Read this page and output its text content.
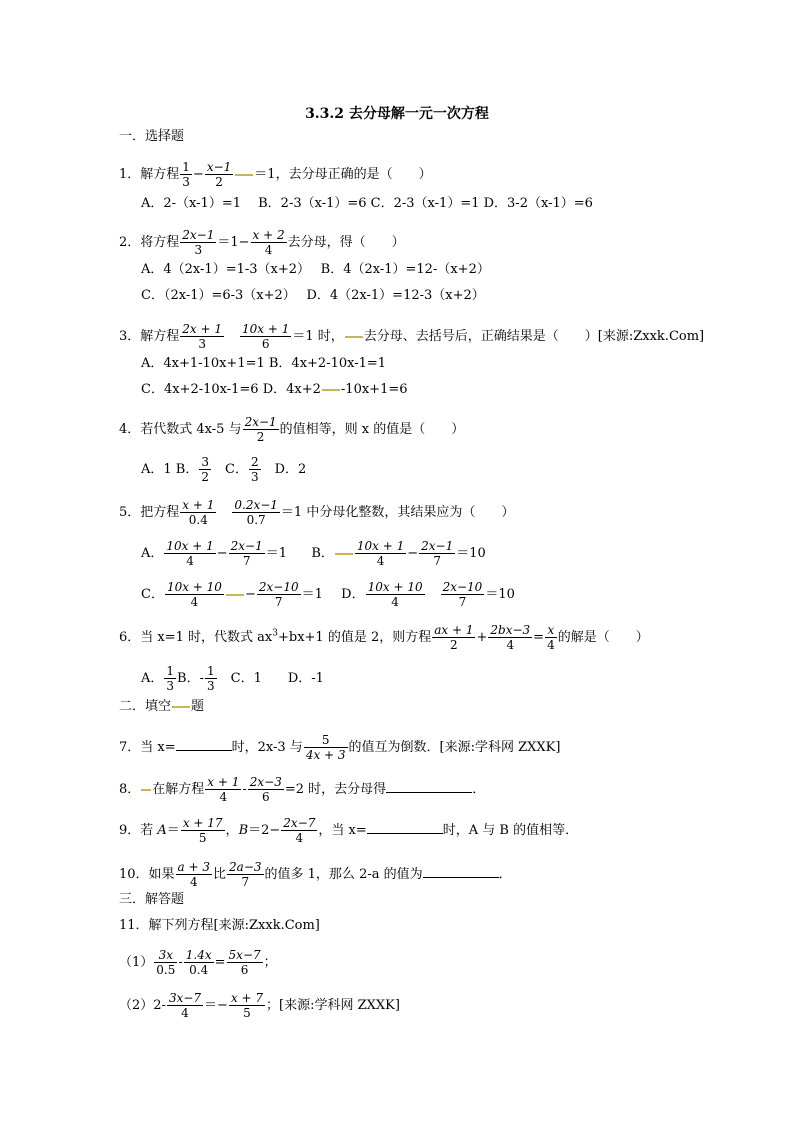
3.3.2 去分母解一元一次方程
一．选择题
1．解方程 $\frac{1}{3} - \frac{x-1}{2} =1$，去分母正确的是（　　）
A．2-（x-1）=1　 B．2-3（x-1）=6 C．2-3（x-1）=1 D．3-2（x-1）=6
2．将方程 $\frac{2x-1}{3} =1- \frac{x + 2}{4}$ 去分母，得（　　）
A．4（2x-1）=1-3（x+2）　 B．4（2x-1）=12-（x+2）
C．（2x-1）=6-3（x+2）　 D．4（2x-1）=12-3（x+2）
3．解方程 $\frac{2x + 1}{3} \frac{10x + 1}{6} =1$ 时， 去分母、去括号后，正确结果是（　　）[来源:Zxxk.Com]
A．4x+1-10x+1=1 B．4x+2-10x-1=1
C．4x+2-10x-1=6 D．4x+2 -10x+1=6
4．若代数式 4x-5 与 $\frac{2x-1}{2}$ 的值相等，则 x 的值是（　　）
A．1 B． $\frac{3}{2}$ 　C． $\frac{2}{3}$ 　D．2
5．把方程 $\frac{x + 1}{0.4} \frac{0.2x-1}{0.7} =1$ 中分母化整数，其结果应为（　　）
A． $\frac{10x + 1}{4} - \frac{2x-1}{7} =1$ B． $\frac{10x + 1}{4} - \frac{2x-1}{7} =10$
C． $\frac{10x + 10}{4} - \frac{2x-10}{7} =1$ D． $\frac{10x + 10}{4} \frac{2x-10}{7} =10$
6．当 x=1 时，代数式 $ax^3+bx+1$ 的值是 2，则方程 $\frac{ax + 1}{2} + \frac{2bx-3}{4} = \frac{x}{4}$ 的解是（　　）
A． $\frac{1}{3}$ B．- $\frac{1}{3}$ 　C．1　　D．-1
二．填空 题
7．当 x=	时，2x-3 与 $\frac{5}{4x + 3}$ 的值互为倒数．[来源:学科网 ZXXK]
8． 在解方程 $\frac{x + 1}{4} - \frac{2x-3}{6} =2$ 时，去分母得	．
9．若 $A= \frac{x + 17}{5}$ ，$B=2- \frac{2x-7}{4}$ ，当 x=	时，A 与 B 的值相等．
10．如果 $\frac{a + 3}{4}$ 比 $\frac{2a-3}{7}$ 的值多 1，那么 2-a 的值为	．
三．解答题
11．解下列方程[来源:Zxxk.Com]
$(1) \frac{3x}{0.5} - \frac{1.4x}{0.4} = \frac{5x-7}{6}$ ；
$(2)2- \frac{3x-7}{4} =- \frac{x + 7}{5}$ ；[来源:学科网 ZXXK]
